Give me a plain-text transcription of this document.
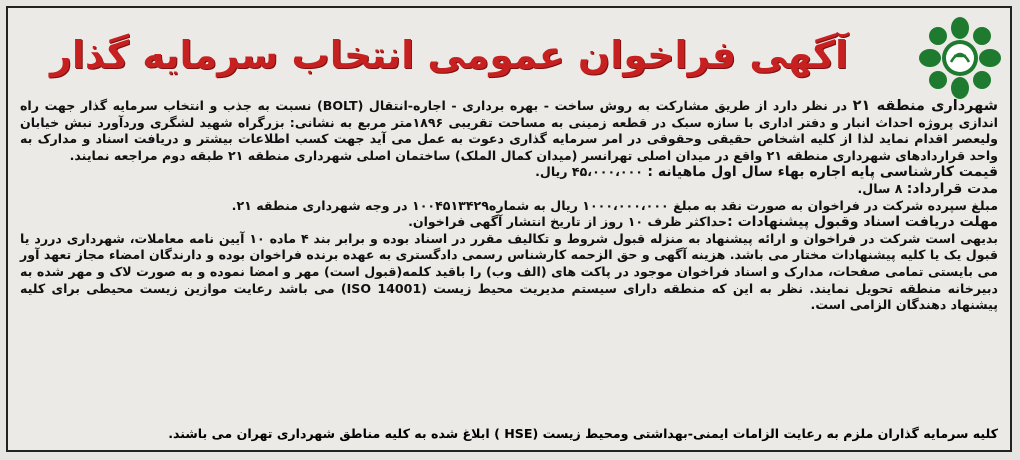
آگهی فراخوان عمومی انتخاب سرمایه گذار

شهرداری منطقه ۲۱ در نظر دارد از طریق مشارکت به روش ساخت - بهره برداری - اجاره-انتقال (BOLT) نسبت به جذب و انتخاب سرمایه گذار جهت راه اندازی پروژه احداث انبار و دفتر اداری با سازه سبک در قطعه زمینی به مساحت تقریبی ۱۸۹۶متر مربع به نشانی: بزرگراه شهید لشگری وردآورد نبش خیابان ولیعصر اقدام نماید لذا از کلیه اشخاص حقیقی وحقوقی در امر سرمایه گذاری دعوت به عمل می آید جهت کسب اطلاعات بیشتر و دریافت اسناد و مدارک به واحد قراردادهای شهرداری منطقه ۲۱ واقع در میدان اصلی تهرانسر (میدان کمال الملک) ساختمان اصلی شهرداری منطقه ۲۱ طبقه دوم مراجعه نمایند.

قیمت کارشناسی پایه اجاره بهاء سال اول ماهیانه : ۴۵،۰۰۰،۰۰۰ ریال.

مدت قرارداد: ۸ سال.

مبلغ سپرده شرکت در فراخوان به صورت نقد به مبلغ ۱۰۰۰،۰۰۰،۰۰۰ ریال به شماره۱۰۰۴۵۱۳۴۲۹ در وجه شهرداری منطقه ۲۱.

مهلت دریافت اسناد وقبول پیشنهادات :حداکثر ظرف ۱۰ روز از تاریخ انتشار آگهی فراخوان.

بدیهی است شرکت در فراخوان و ارائه پیشنهاد به منزله قبول شروط و تکالیف مقرر در اسناد بوده و برابر بند ۴ ماده ۱۰ آیین نامه معاملات، شهرداری دررد یا قبول یک یا کلیه پیشنهادات مختار می باشد. هزینه آگهی و حق الزحمه کارشناس رسمی دادگستری به عهده برنده فراخوان بوده و دارندگان امضاء مجاز تعهد آور می بایستی تمامی صفحات، مدارک و اسناد فراخوان موجود در پاکت های (الف وب) را باقید کلمه(قبول است) مهر و امضا نموده و به صورت لاک و مهر شده به دبیرخانه منطقه تحویل نمایند. نظر به این که منطقه دارای سیستم مدیریت محیط زیست (ISO 14001) می باشد رعایت موازین زیست محیطی برای کلیه پیشنهاد دهندگان الزامی است.

کلیه سرمایه گذاران ملزم به رعایت الزامات ایمنی-بهداشتی ومحیط زیست (HSE ) ابلاغ شده به کلیه مناطق شهرداری تهران می باشند.
